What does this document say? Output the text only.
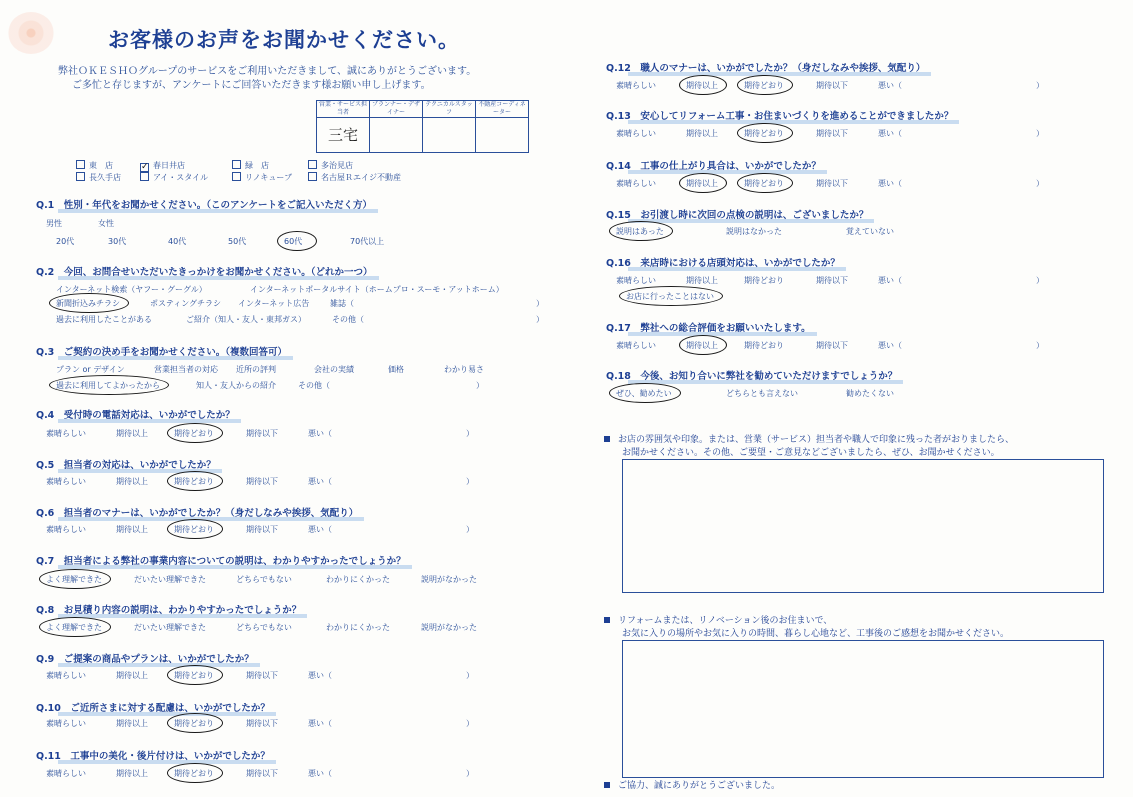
お客様のお声をお聞かせください。
弊社ＯＫＥＳＨＯグループのサービスをご利用いただきまして、誠にありがとうございます。
ご多忙と存じますが、アンケートにご回答いただきます様お願い申し上げます。
営業・サービス担当者	プランナー・デザイナー	テクニカルスタッフ	不動産コーディネーター
三宅			
東　店	✓ 春日井店	緑　店	多治見店
長久手店	アイ・スタイル	リノキューブ	名古屋Ｒエイジ不動産
Q.1　性別・年代をお聞かせください。（このアンケートをご記入いただく方）
男性	女性
20代	30代	40代	50代	60代	70代以上
Q.2　今回、お問合せいただいたきっかけをお聞かせください。（どれか一つ）
インターネット検索（ヤフー・グーグル）	インターネットポータルサイト（ホームプロ・スーモ・アットホーム）
新聞折込みチラシ	ポスティングチラシ インターネット広告	雑誌（	）
過去に利用したことがある	ご紹介（知人・友人・東邦ガス）	その他（	）
Q.3　ご契約の決め手をお聞かせください。（複数回答可）
プラン or デザイン	営業担当者の対応 近所の評判	会社の実績	価格	わかり易さ
過去に利用してよかったから	知人・友人からの紹介	その他（	）
Q.4　受付時の電話対応は、いかがでしたか？
素晴らしい	期待以上	期待どおり	期待以下	悪い（	）
Q.5　担当者の対応は、いかがでしたか？
素晴らしい	期待以上	期待どおり	期待以下	悪い（	）
Q.6　担当者のマナーは、いかがでしたか？（身だしなみや挨拶、気配り）
素晴らしい	期待以上	期待どおり	期待以下	悪い（	）
Q.7　担当者による弊社の事業内容についての説明は、わかりやすかったでしょうか？
よく理解できた	だいたい理解できた	どちらでもない	わかりにくかった	説明がなかった
Q.8　お見積り内容の説明は、わかりやすかったでしょうか？
よく理解できた	だいたい理解できた	どちらでもない	わかりにくかった	説明がなかった
Q.9　ご提案の商品やプランは、いかがでしたか？
素晴らしい	期待以上	期待どおり	期待以下	悪い（	）
Q.10　ご近所さまに対する配慮は、いかがでしたか？
素晴らしい	期待以上	期待どおり	期待以下	悪い（	）
Q.11　工事中の美化・後片付けは、いかがでしたか？
素晴らしい	期待以上	期待どおり	期待以下	悪い（	）
Q.12　職人のマナーは、いかがでしたか？（身だしなみや挨拶、気配り）
素晴らしい	期待以上	期待どおり	期待以下	悪い（	）
Q.13　安心してリフォーム工事・お住まいづくりを進めることができましたか？
素晴らしい	期待以上	期待どおり	期待以下	悪い（	）
Q.14　工事の仕上がり具合は、いかがでしたか？
素晴らしい	期待以上	期待どおり	期待以下	悪い（	）
Q.15　お引渡し時に次回の点検の説明は、ございましたか？
説明はあった	説明はなかった	覚えていない
Q.16　来店時における店頭対応は、いかがでしたか？
素晴らしい	期待以上	期待どおり	期待以下	悪い（	）
お店に行ったことはない
Q.17　弊社への総合評価をお願いいたします。
素晴らしい	期待以上	期待どおり	期待以下	悪い（	）
Q.18　今後、お知り合いに弊社を勧めていただけますでしょうか？
ぜひ、勧めたい	どちらとも言えない	勧めたくない
お店の雰囲気や印象。または、営業（サービス）担当者や職人で印象に残った者がおりましたら、
お聞かせください。その他、ご要望・ご意見などございましたら、ぜひ、お聞かせください。
リフォームまたは、リノベーション後のお住まいで、
お気に入りの場所やお気に入りの時間、暮らし心地など、工事後のご感想をお聞かせください。
ご協力、誠にありがとうございました。
